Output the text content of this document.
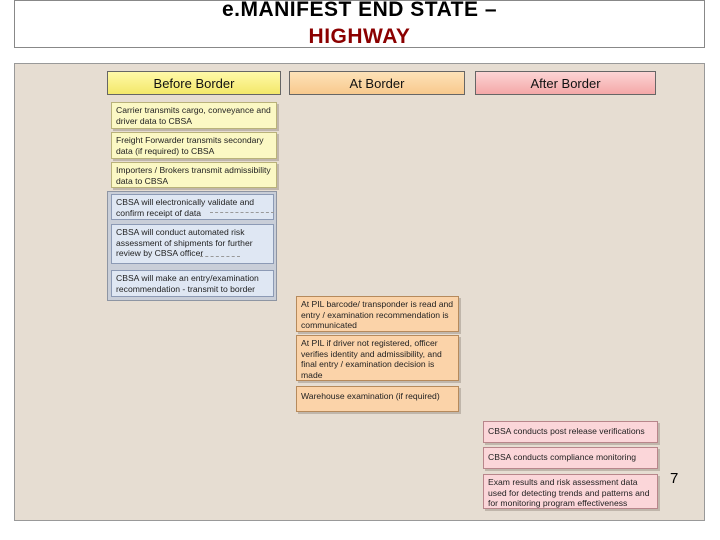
e.MANIFEST END STATE –
HIGHWAY
Before Border	At Border	After Border
Carrier transmits cargo, conveyance and driver data to CBSA
Freight Forwarder transmits secondary data (if required) to CBSA
Importers / Brokers transmit admissibility data to CBSA
CBSA will electronically validate and confirm receipt of data
CBSA will conduct automated risk assessment of shipments for further review by CBSA officer
CBSA will make an entry/examination recommendation - transmit to border
At PIL barcode/ transponder is read and entry / examination recommendation is communicated
At PIL if driver not registered, officer verifies identity and admissibility, and final entry / examination decision is made
Warehouse examination (if required)
CBSA conducts post release verifications
CBSA conducts compliance monitoring
Exam results and risk assessment data used for detecting trends and patterns and for monitoring program effectiveness
7
